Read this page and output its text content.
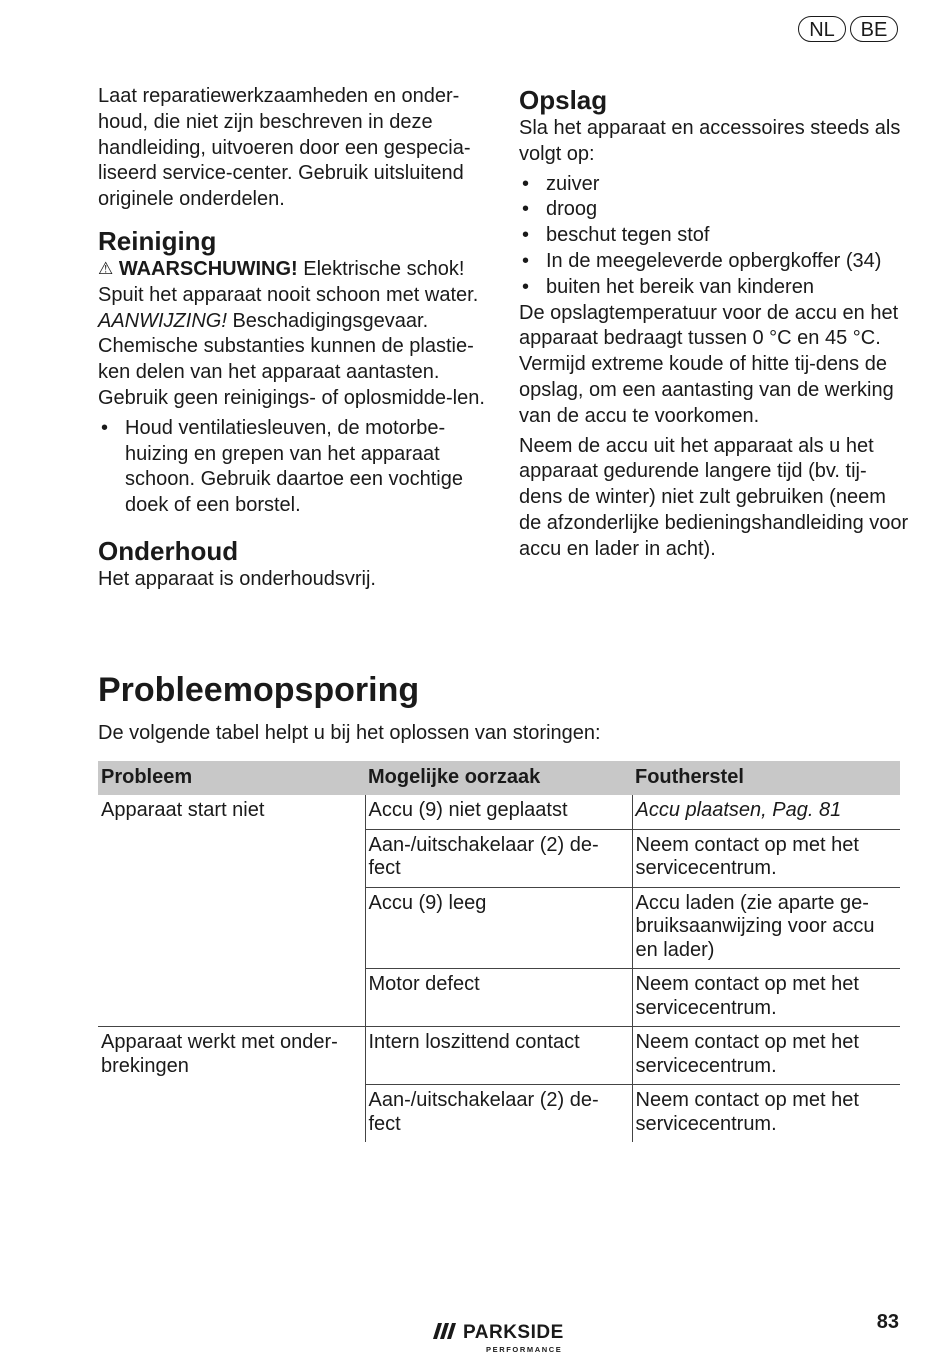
NL	BE

Laat reparatiewerkzaamheden en onder-houd, die niet zijn beschreven in deze handleiding, uitvoeren door een gespecia-liseerd service-center. Gebruik uitsluitend originele onderdelen.

Reiniging

⚠ WAARSCHUWING! Elektrische schok! Spuit het apparaat nooit schoon met water.

AANWIJZING! Beschadigingsgevaar. Chemische substanties kunnen de plastie-ken delen van het apparaat aantasten. Gebruik geen reinigings- of oplosmidde-len.

• Houd ventilatiesleuven, de motorbe-huizing en grepen van het apparaat schoon. Gebruik daartoe een vochtige doek of een borstel.
Onderhoud

Het apparaat is onderhoudsvrij.

Opslag

Sla het apparaat en accessoires steeds als volgt op:

• zuiver
• droog
• beschut tegen stof
• In de meegeleverde opbergkoffer (34)
• buiten het bereik van kinderen

De opslagtemperatuur voor de accu en het apparaat bedraagt tussen 0 °C en 45 °C. Vermijd extreme koude of hitte tij-dens de opslag, om een aantasting van de werking van de accu te voorkomen.

Neem de accu uit het apparaat als u het apparaat gedurende langere tijd (bv. tij-dens de winter) niet zult gebruiken (neem de afzonderlijke bedieningshandleiding voor accu en lader in acht).

Probleemopsporing

De volgende tabel helpt u bij het oplossen van storingen:

Probleem	Mogelijke oorzaak	Foutherstel
Apparaat start niet	Accu (9) niet geplaatst	Accu plaatsen, Pag. 81
	Aan-/uitschakelaar (2) de-fect	Neem contact op met het servicecentrum.
	Accu (9) leeg	Accu laden (zie aparte ge-bruiksaanwijzing voor accu en lader)
	Motor defect	Neem contact op met het servicecentrum.
Apparaat werkt met onder-brekingen	Intern loszittend contact	Neem contact op met het servicecentrum.
	Aan-/uitschakelaar (2) de-fect	Neem contact op met het servicecentrum.
PARKSIDE
PERFORMANCE
83
